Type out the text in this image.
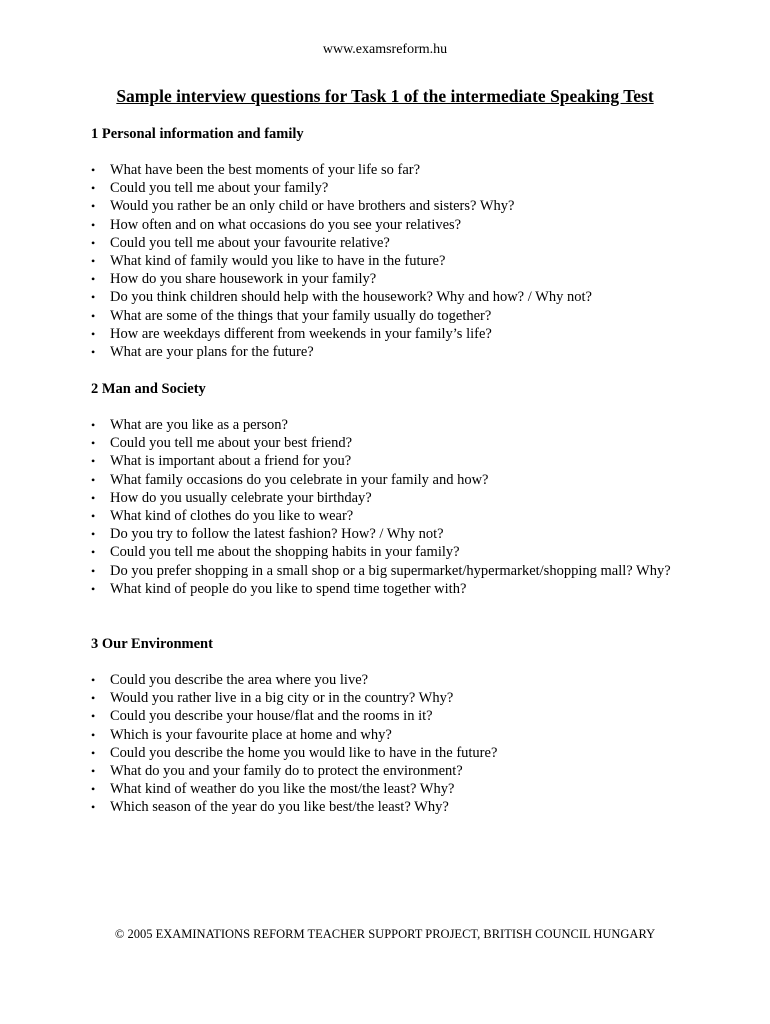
www.examsreform.hu
Sample interview questions for Task 1 of the intermediate Speaking Test
1 Personal information and family
• What have been the best moments of your life so far?
• Could you tell me about your family?
• Would you rather be an only child or have brothers and sisters? Why?
• How often and on what occasions do you see your relatives?
• Could you tell me about your favourite relative?
• What kind of family would you like to have in the future?
• How do you share housework in your family?
• Do you think children should help with the housework? Why and how? / Why not?
• What are some of the things that your family usually do together?
• How are weekdays different from weekends in your family’s life?
• What are your plans for the future?
2 Man and Society
• What are you like as a person?
• Could you tell me about your best friend?
• What is important about a friend for you?
• What family occasions do you celebrate in your family and how?
• How do you usually celebrate your birthday?
• What kind of clothes do you like to wear?
• Do you try to follow the latest fashion? How? / Why not?
• Could you tell me about the shopping habits in your family?
• Do you prefer shopping in a small shop or a big supermarket/hypermarket/shopping mall? Why?
• What kind of people do you like to spend time together with?
3 Our Environment
• Could you describe the area where you live?
• Would you rather live in a big city or in the country? Why?
• Could you describe your house/flat and the rooms in it?
• Which is your favourite place at home and why?
• Could you describe the home you would like to have in the future?
• What do you and your family do to protect the environment?
• What kind of weather do you like the most/the least? Why?
• Which season of the year do you like best/the least? Why?
© 2005 EXAMINATIONS REFORM TEACHER SUPPORT PROJECT, BRITISH COUNCIL HUNGARY
